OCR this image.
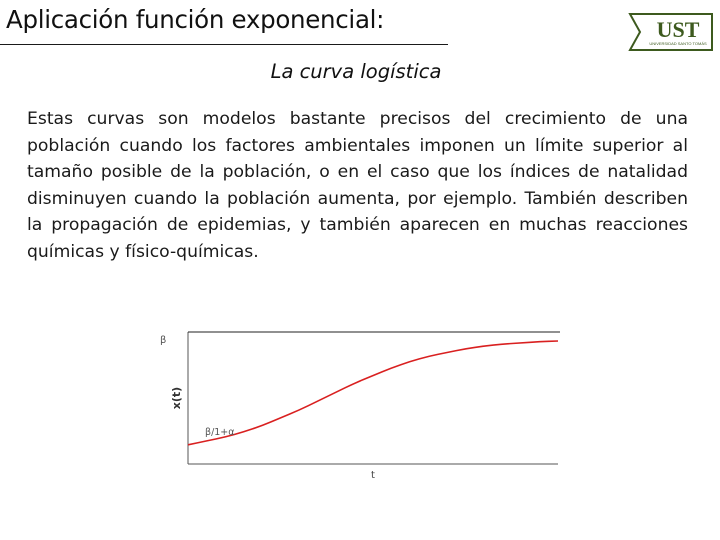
Aplicación función exponencial:	UST
UNIVERSIDAD SANTO TOMÁS
La curva logística
Estas curvas son modelos bastante precisos del crecimiento de una población cuando los factores ambientales imponen un límite superior al tamaño posible de la población, o en el caso que los índices de natalidad disminuyen cuando la población aumenta, por ejemplo. También describen la propagación de epidemias, y también aparecen en muchas reacciones químicas y físico-químicas.
β
x(t)
β/1+α
t
